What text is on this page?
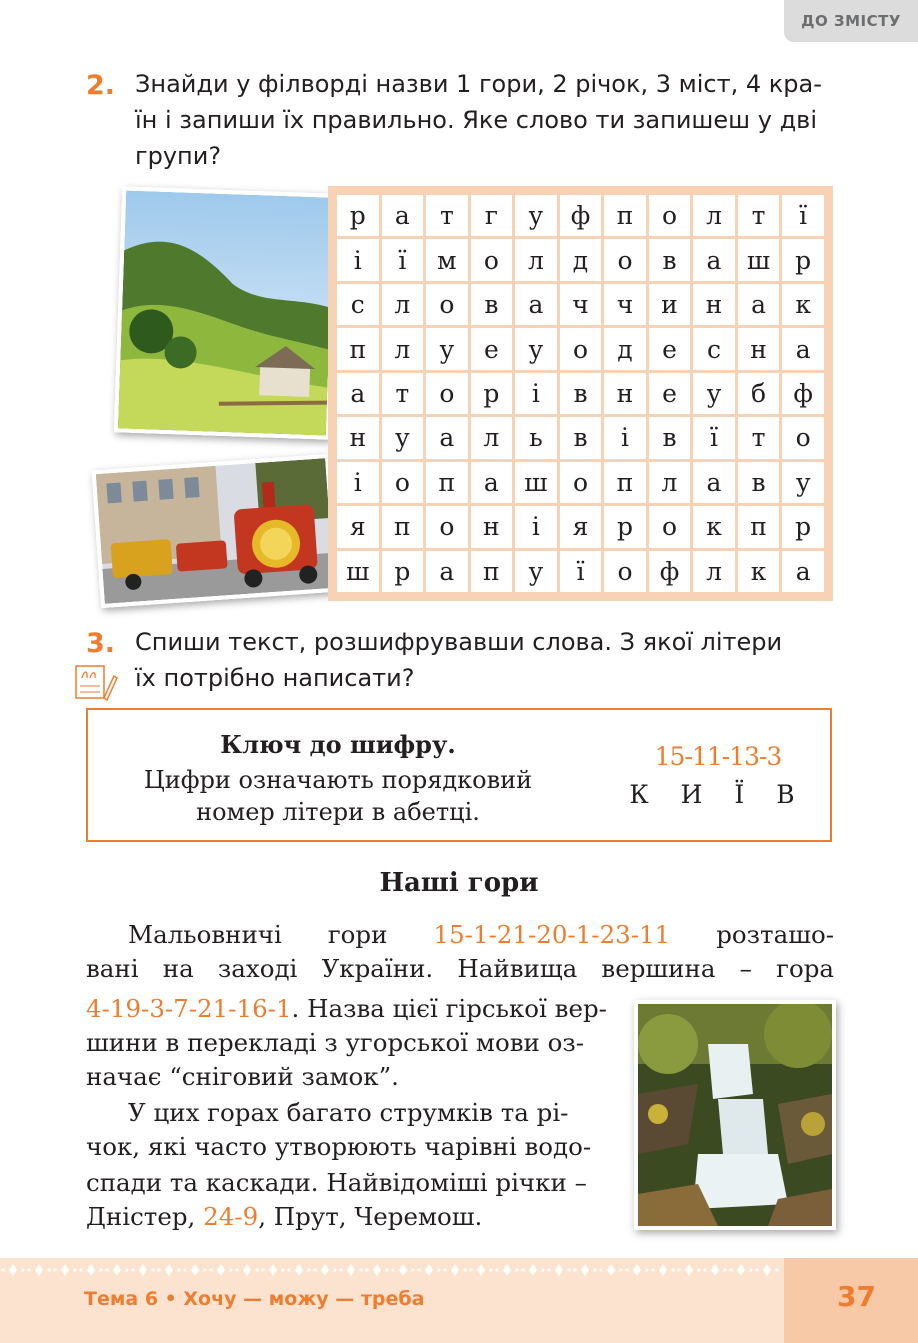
ДО ЗМІСТУ
2. Знайди у філворді назви 1 гори, 2 річок, 3 міст, 4 кра-
їн і запиши їх правильно. Яке слово ти запишеш у дві
групи?
р	а	т	г	у	ф	п	о	л	т	ї
і	ї	м	о	л	д	о	в	а	ш	р
с	л	о	в	а	ч	ч	и	н	а	к
п	л	у	е	у	о	д	е	с	н	а
а	т	о	р	і	в	н	е	у	б	ф
н	у	а	л	ь	в	і	в	ї	т	о
і	о	п	а	ш	о	п	л	а	в	у
я	п	о	н	і	я	р	о	к	п	р
ш	р	а	п	у	ї	о	ф	л	к	а
3. Спиши текст, розшифрувавши слова. З якої літери
їх потрібно написати?
Ключ до шифру.
Цифри означають порядковий
номер літери в абетці.
15-11-13-3
К И Ї В
Наші гори
Мальовничі гори 15-1-21-20-1-23-11 розташо-
вані на заході України. Найвища вершина – гора
4-19-3-7-21-16-1. Назва цієї гірської вер-
шини в перекладі з угорської мови оз-
начає “сніговий замок”.
У цих горах багато струмків та рі-
чок, які часто утворюють чарівні водо-
спади та каскади. Найвідоміші річки –
Дністер, 24-9, Прут, Черемош.
Тема 6 • Хочу — можу — треба	37
